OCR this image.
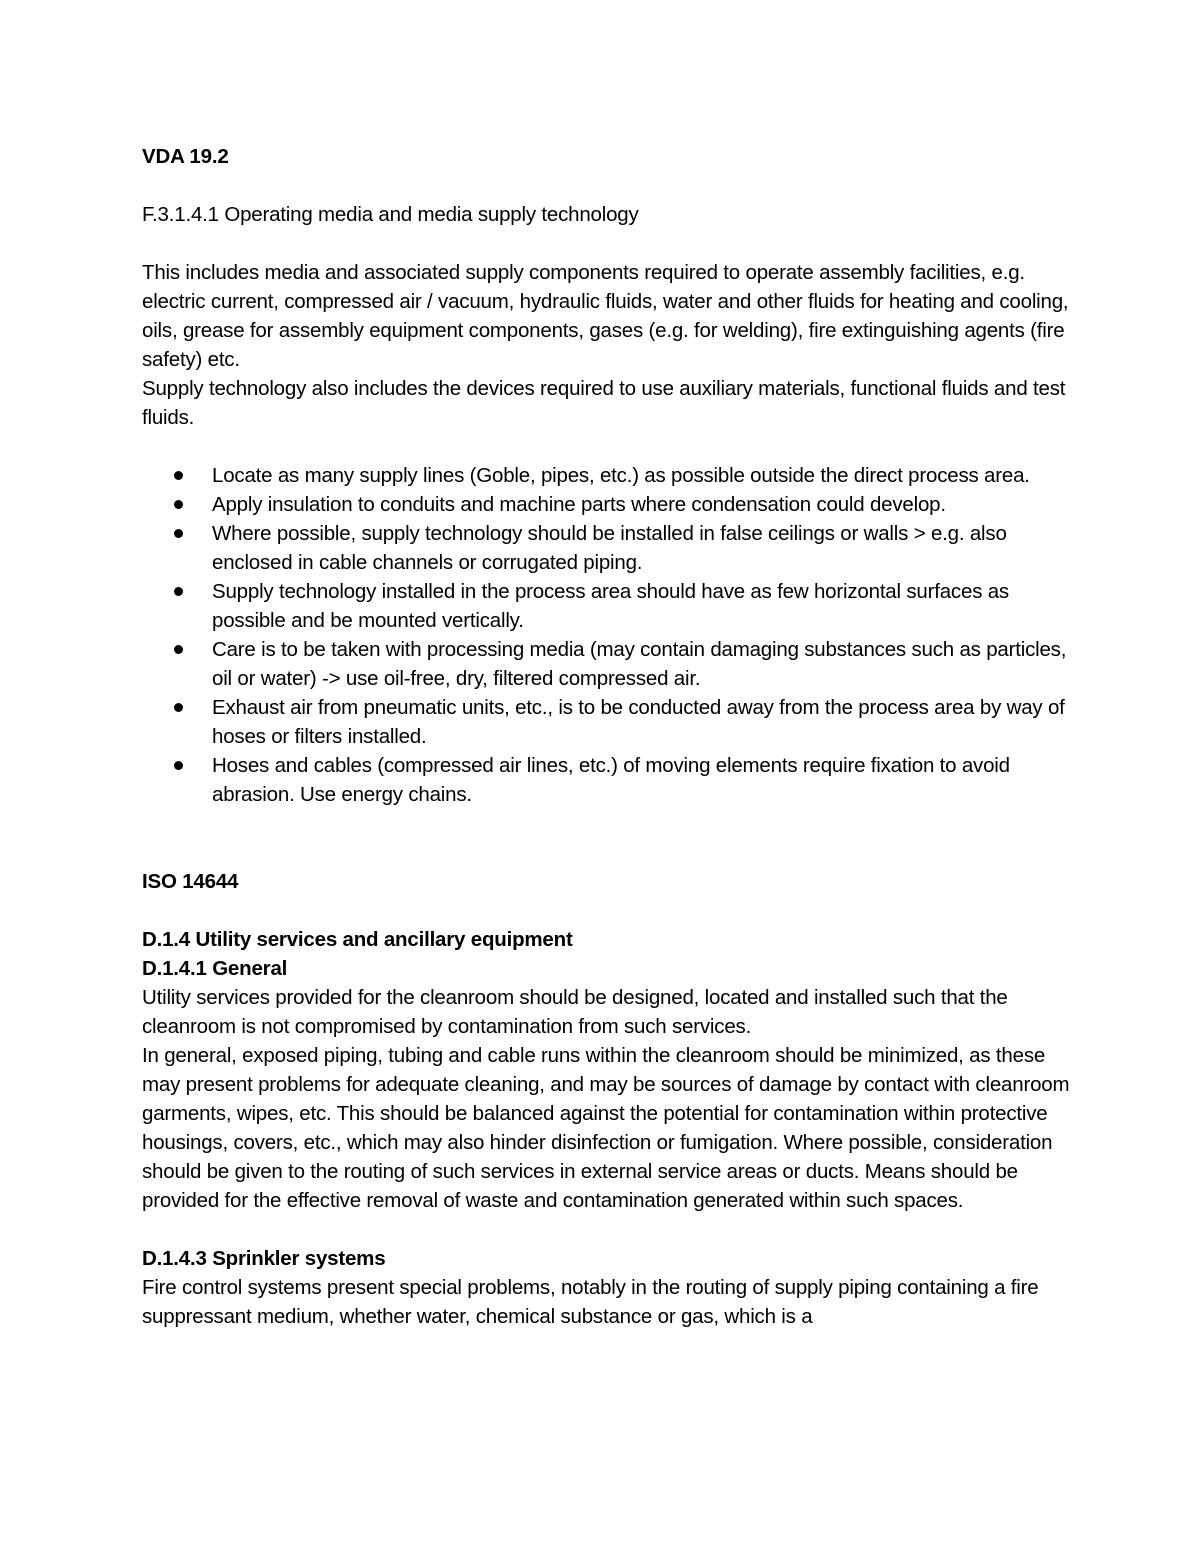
VDA 19.2

F.3.1.4.1 Operating media and media supply technology

This includes media and associated supply components required to operate assembly facilities, e.g. electric current, compressed air / vacuum, hydraulic fluids, water and other fluids for heating and cooling, oils, grease for assembly equipment components, gases (e.g. for welding), fire extinguishing agents (fire safety) etc.

Supply technology also includes the devices required to use auxiliary materials, functional fluids and test fluids.

Locate as many supply lines (Goble, pipes, etc.) as possible outside the direct process area.
Apply insulation to conduits and machine parts where condensation could develop.
Where possible, supply technology should be installed in false ceilings or walls > e.g. also enclosed in cable channels or corrugated piping.
Supply technology installed in the process area should have as few horizontal surfaces as possible and be mounted vertically.
Care is to be taken with processing media (may contain damaging substances such as particles, oil or water) -> use oil-free, dry, filtered compressed air.
Exhaust air from pneumatic units, etc., is to be conducted away from the process area by way of hoses or filters installed.
Hoses and cables (compressed air lines, etc.) of moving elements require fixation to avoid abrasion. Use energy chains.

ISO 14644

D.1.4 Utility services and ancillary equipment

D.1.4.1 General

Utility services provided for the cleanroom should be designed, located and installed such that the cleanroom is not compromised by contamination from such services.

In general, exposed piping, tubing and cable runs within the cleanroom should be minimized, as these may present problems for adequate cleaning, and may be sources of damage by contact with cleanroom garments, wipes, etc. This should be balanced against the potential for contamination within protective housings, covers, etc., which may also hinder disinfection or fumigation. Where possible, consideration should be given to the routing of such services in external service areas or ducts. Means should be provided for the effective removal of waste and contamination generated within such spaces.

D.1.4.3 Sprinkler systems

Fire control systems present special problems, notably in the routing of supply piping containing a fire suppressant medium, whether water, chemical substance or gas, which is a
